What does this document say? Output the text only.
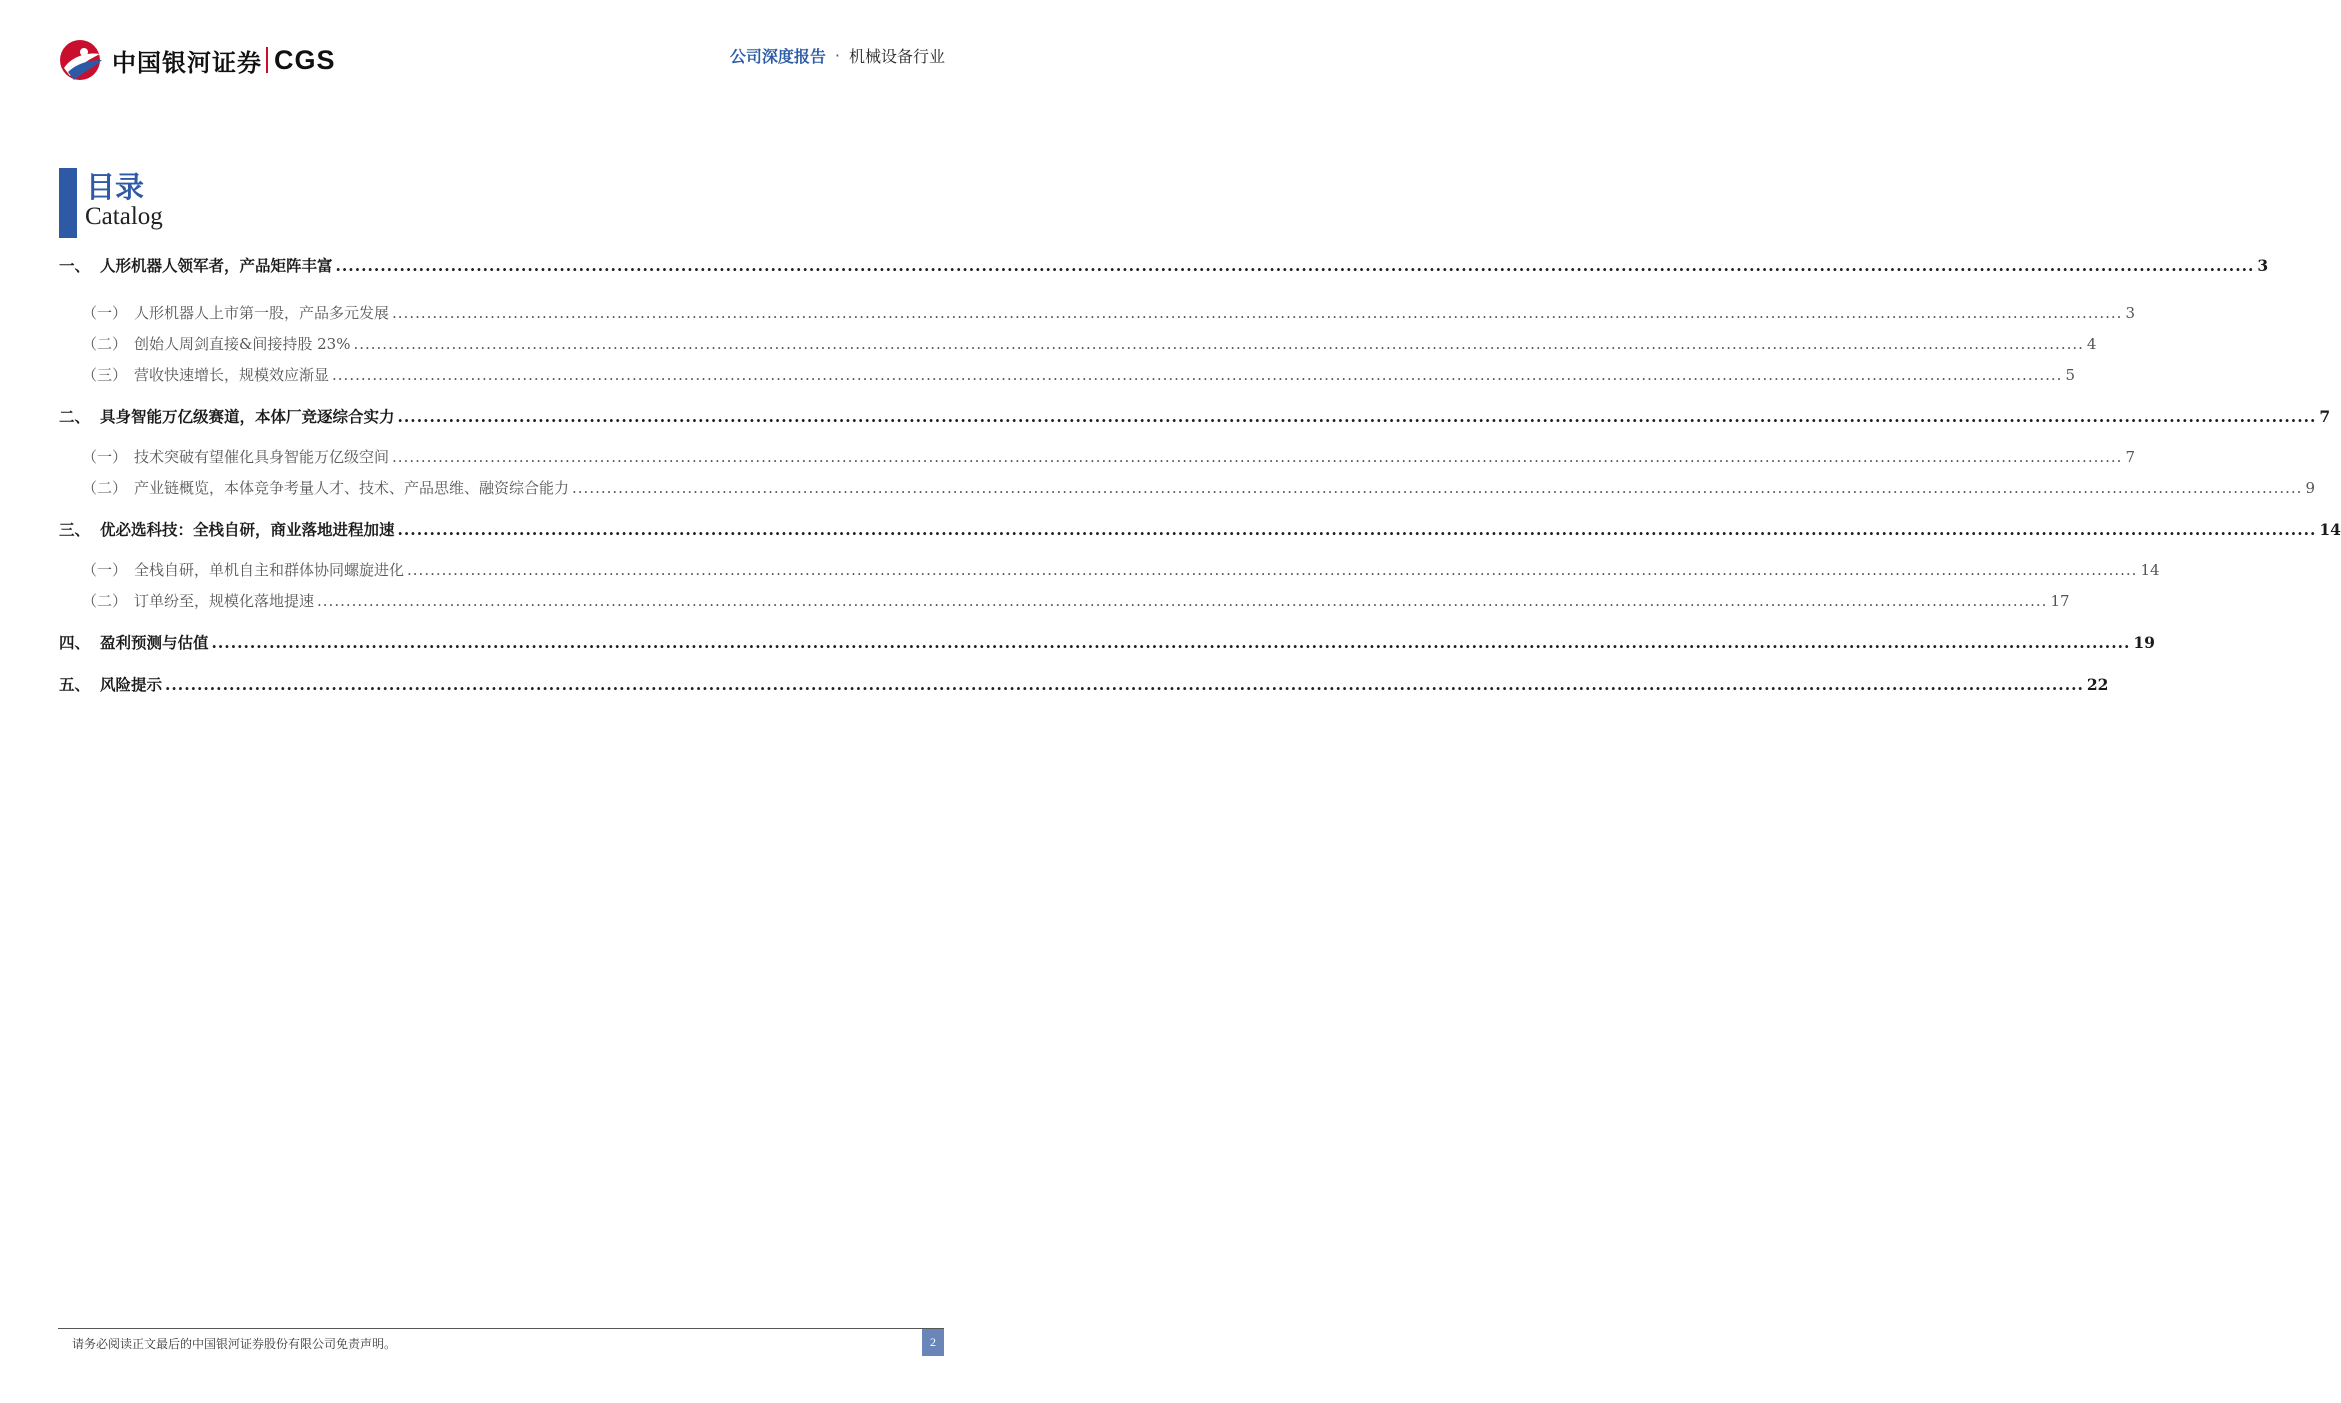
中国银河证券 CGS	公司深度报告 · 机械设备行业
目录
Catalog
一、 人形机器人领军者，产品矩阵丰富 ............................................................................................................................................................................................................................................................................................................ 3
（一） 人形机器人上市第一股，产品多元发展 ............................................................................................................................................................................................................................................................................................................ 3
（二） 创始人周剑直接&间接持股 23% ............................................................................................................................................................................................................................................................................................................ 4
（三） 营收快速增长，规模效应渐显 ............................................................................................................................................................................................................................................................................................................ 5
二、 具身智能万亿级赛道，本体厂竞逐综合实力 ............................................................................................................................................................................................................................................................................................................ 7
（一） 技术突破有望催化具身智能万亿级空间 ............................................................................................................................................................................................................................................................................................................ 7
（二） 产业链概览，本体竞争考量人才、技术、产品思维、融资综合能力 ............................................................................................................................................................................................................................................................................................................ 9
三、 优必选科技：全栈自研，商业落地进程加速 ............................................................................................................................................................................................................................................................................................................ 14
（一） 全栈自研，单机自主和群体协同螺旋进化 ............................................................................................................................................................................................................................................................................................................ 14
（二） 订单纷至，规模化落地提速 ............................................................................................................................................................................................................................................................................................................ 17
四、 盈利预测与估值 ............................................................................................................................................................................................................................................................................................................ 19
五、 风险提示 ............................................................................................................................................................................................................................................................................................................ 22
请务必阅读正文最后的中国银河证券股份有限公司免责声明。	2
